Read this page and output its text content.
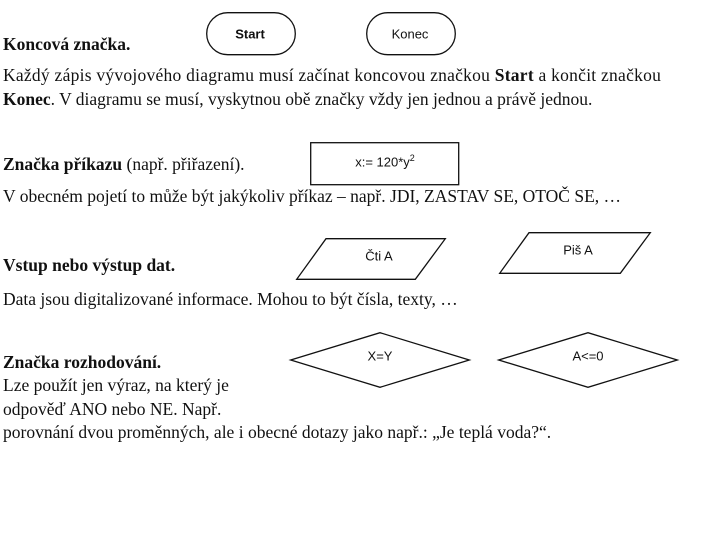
Koncová značka.	Start	Konec
Každý zápis vývojového diagramu musí začínat koncovou značkou Start a končit značkou
Konec. V diagramu se musí, vyskytnou obě značky vždy jen jednou a právě jednou.
Značka příkazu (např. přiřazení).	x:= $120*y^2$
V obecném pojetí to může být jakýkoliv příkaz – např. JDI, ZASTAV SE, OTOČ SE, …
Vstup nebo výstup dat.	Čti A	Piš A
Data jsou digitalizované informace. Mohou to být čísla, texty, …
Značka rozhodování.	X=Y	A<=0
Lze použít jen výraz, na který je
odpověď ANO nebo NE. Např.
porovnání dvou proměnných, ale i obecné dotazy jako např.: „Je teplá voda?“.
